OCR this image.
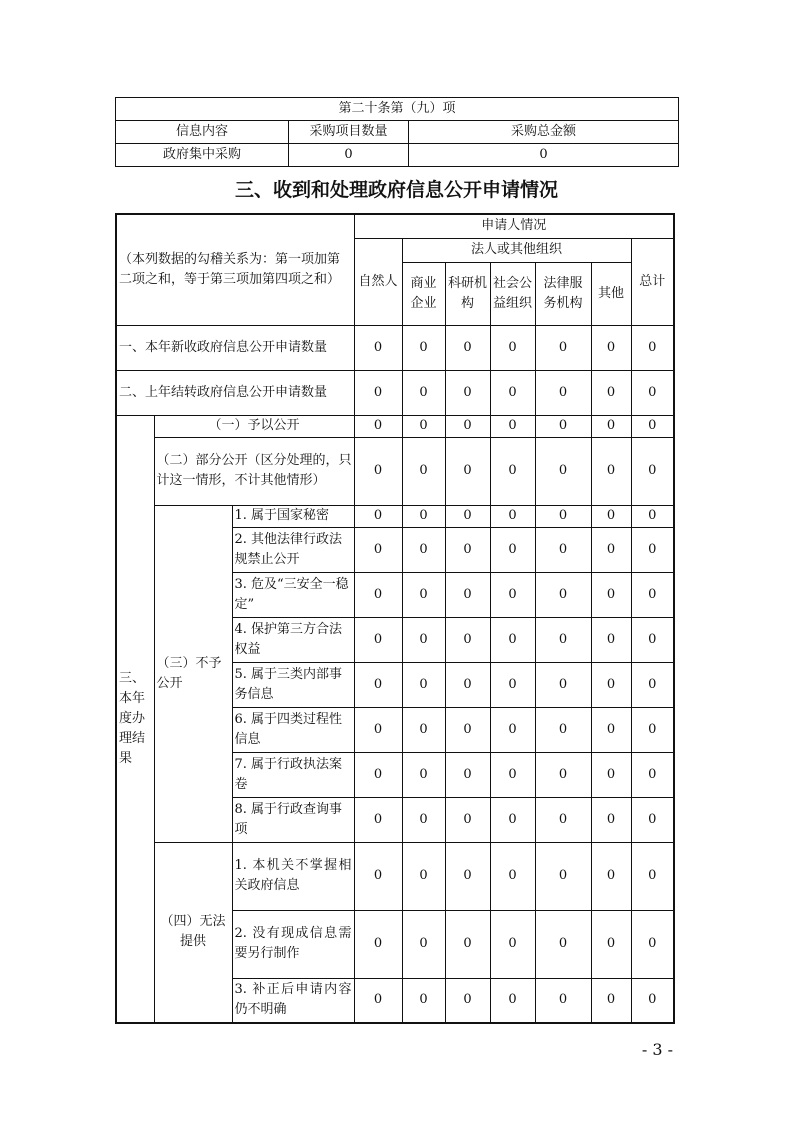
第二十条第（九）项		
信息内容	采购项目数量	采购总金额
政府集中采购	0	0
三、收到和处理政府信息公开申请情况
（本列数据的勾稽关系为：第一项加第二项之和，等于第三项加第四项之和）			申请人情况						
			自然人	法人或其他组织					总计
				商业企业	科研机构	社会公益组织	法律服务机构	其他	
一、本年新收政府信息公开申请数量			0	0	0	0	0	0	0
二、上年结转政府信息公开申请数量			0	0	0	0	0	0	0
三、本年度办理结果	（一）予以公开		0	0	0	0	0	0	0
	（二）部分公开（区分处理的，只计这一情形，不计其他情形）		0	0	0	0	0	0	0
	（三）不予公开	1. 属于国家秘密	0	0	0	0	0	0	0
		2. 其他法律行政法规禁止公开	0	0	0	0	0	0	0
		3. 危及“三安全一稳定”	0	0	0	0	0	0	0
		4. 保护第三方合法权益	0	0	0	0	0	0	0
		5. 属于三类内部事务信息	0	0	0	0	0	0	0
		6. 属于四类过程性信息	0	0	0	0	0	0	0
		7. 属于行政执法案卷	0	0	0	0	0	0	0
		8. 属于行政查询事项	0	0	0	0	0	0	0
	（四）无法提供	1. 本机关不掌握相关政府信息	0	0	0	0	0	0	0
		2. 没有现成信息需要另行制作	0	0	0	0	0	0	0
		3. 补正后申请内容仍不明确	0	0	0	0	0	0	0
- 3 -
